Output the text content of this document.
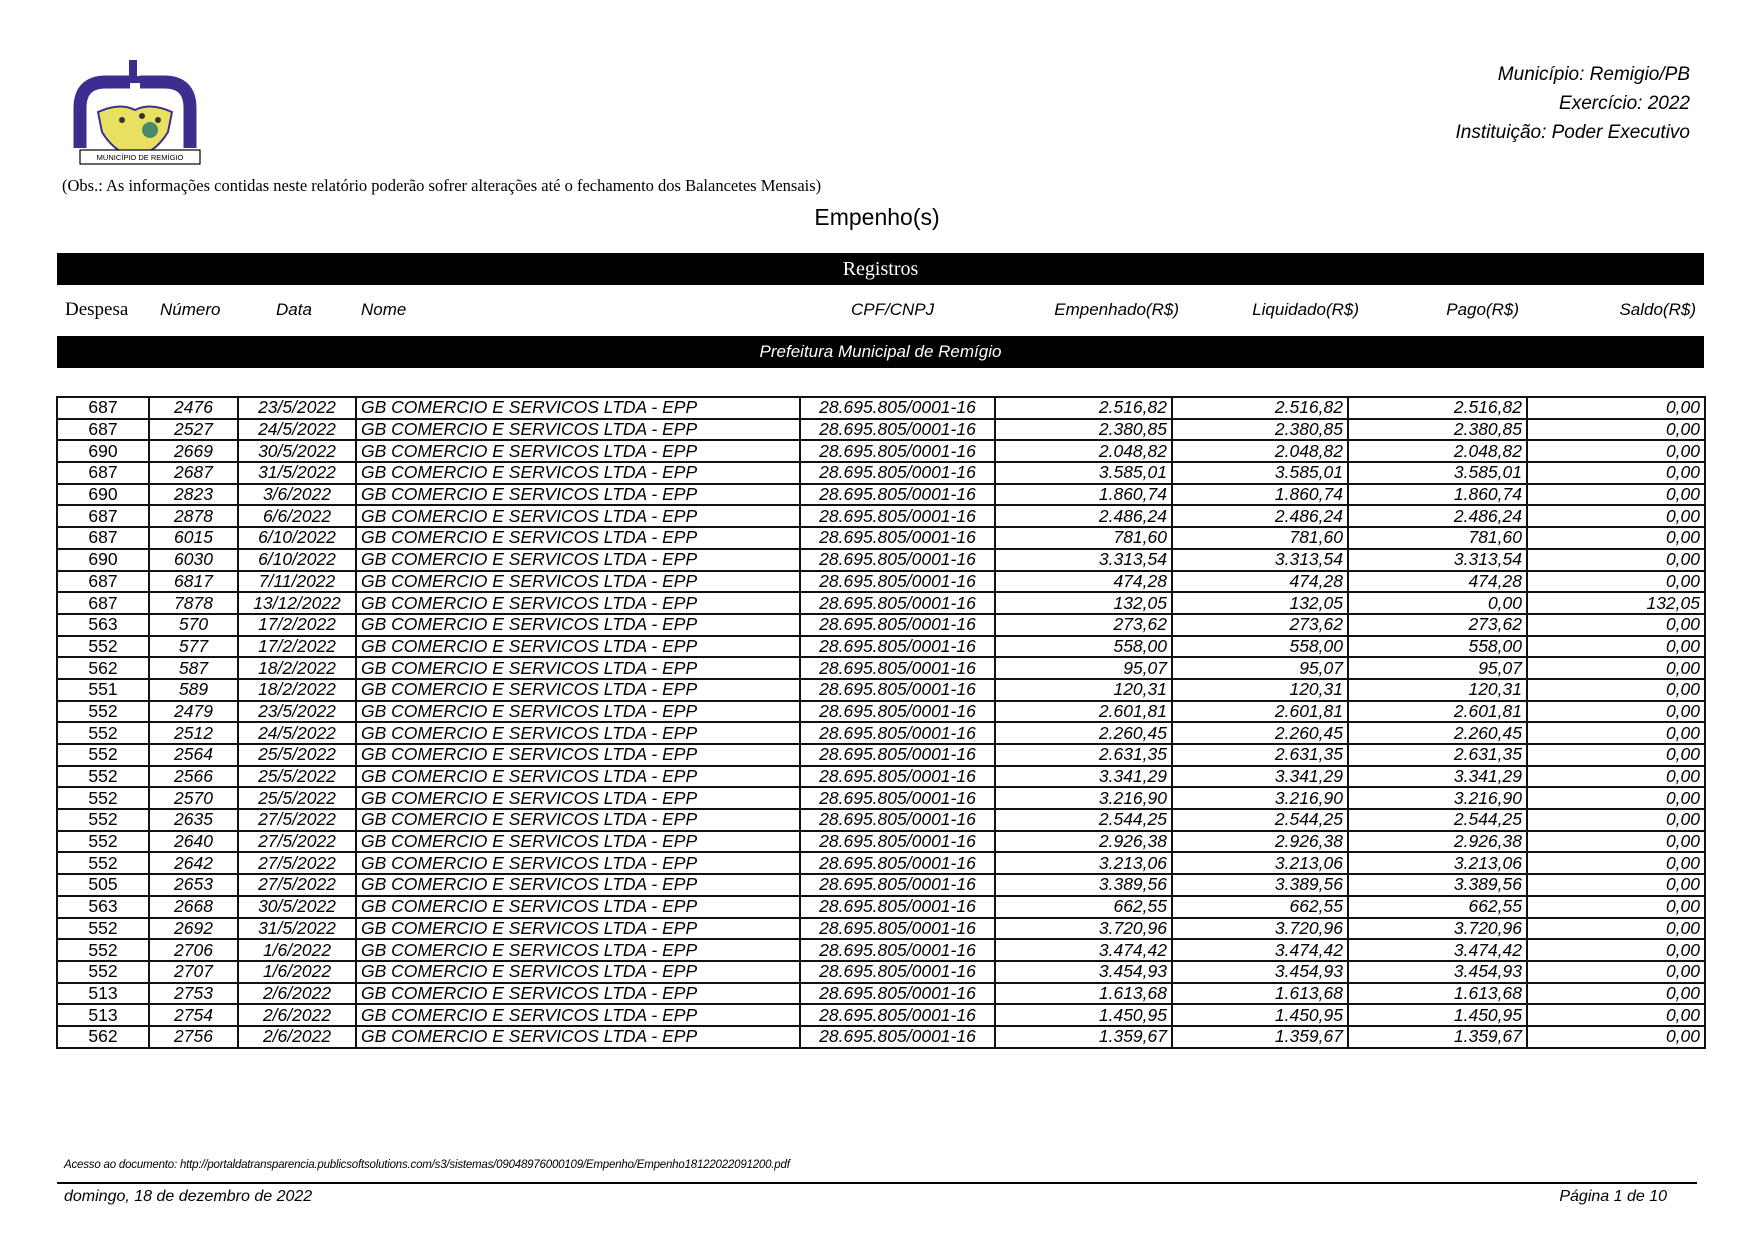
MUNICÍPIO DE REMÍGIO
Município: Remigio/PB
Exercício: 2022
Instituição: Poder Executivo
(Obs.: As informações contidas neste relatório poderão sofrer alterações até o fechamento dos Balancetes Mensais)
Empenho(s)
Registros
Despesa Número	Data	Nome	CPF/CNPJ	Empenhado(R$)	Liquidado(R$)	Pago(R$)	Saldo(R$)
Prefeitura Municipal de Remígio
687	2476	23/5/2022	GB COMERCIO E SERVICOS LTDA - EPP	28.695.805/0001-16	2.516,82	2.516,82	2.516,82	0,00
687	2527	24/5/2022	GB COMERCIO E SERVICOS LTDA - EPP	28.695.805/0001-16	2.380,85	2.380,85	2.380,85	0,00
690	2669	30/5/2022	GB COMERCIO E SERVICOS LTDA - EPP	28.695.805/0001-16	2.048,82	2.048,82	2.048,82	0,00
687	2687	31/5/2022	GB COMERCIO E SERVICOS LTDA - EPP	28.695.805/0001-16	3.585,01	3.585,01	3.585,01	0,00
690	2823	3/6/2022	GB COMERCIO E SERVICOS LTDA - EPP	28.695.805/0001-16	1.860,74	1.860,74	1.860,74	0,00
687	2878	6/6/2022	GB COMERCIO E SERVICOS LTDA - EPP	28.695.805/0001-16	2.486,24	2.486,24	2.486,24	0,00
687	6015	6/10/2022	GB COMERCIO E SERVICOS LTDA - EPP	28.695.805/0001-16	781,60	781,60	781,60	0,00
690	6030	6/10/2022	GB COMERCIO E SERVICOS LTDA - EPP	28.695.805/0001-16	3.313,54	3.313,54	3.313,54	0,00
687	6817	7/11/2022	GB COMERCIO E SERVICOS LTDA - EPP	28.695.805/0001-16	474,28	474,28	474,28	0,00
687	7878	13/12/2022	GB COMERCIO E SERVICOS LTDA - EPP	28.695.805/0001-16	132,05	132,05	0,00	132,05
563	570	17/2/2022	GB COMERCIO E SERVICOS LTDA - EPP	28.695.805/0001-16	273,62	273,62	273,62	0,00
552	577	17/2/2022	GB COMERCIO E SERVICOS LTDA - EPP	28.695.805/0001-16	558,00	558,00	558,00	0,00
562	587	18/2/2022	GB COMERCIO E SERVICOS LTDA - EPP	28.695.805/0001-16	95,07	95,07	95,07	0,00
551	589	18/2/2022	GB COMERCIO E SERVICOS LTDA - EPP	28.695.805/0001-16	120,31	120,31	120,31	0,00
552	2479	23/5/2022	GB COMERCIO E SERVICOS LTDA - EPP	28.695.805/0001-16	2.601,81	2.601,81	2.601,81	0,00
552	2512	24/5/2022	GB COMERCIO E SERVICOS LTDA - EPP	28.695.805/0001-16	2.260,45	2.260,45	2.260,45	0,00
552	2564	25/5/2022	GB COMERCIO E SERVICOS LTDA - EPP	28.695.805/0001-16	2.631,35	2.631,35	2.631,35	0,00
552	2566	25/5/2022	GB COMERCIO E SERVICOS LTDA - EPP	28.695.805/0001-16	3.341,29	3.341,29	3.341,29	0,00
552	2570	25/5/2022	GB COMERCIO E SERVICOS LTDA - EPP	28.695.805/0001-16	3.216,90	3.216,90	3.216,90	0,00
552	2635	27/5/2022	GB COMERCIO E SERVICOS LTDA - EPP	28.695.805/0001-16	2.544,25	2.544,25	2.544,25	0,00
552	2640	27/5/2022	GB COMERCIO E SERVICOS LTDA - EPP	28.695.805/0001-16	2.926,38	2.926,38	2.926,38	0,00
552	2642	27/5/2022	GB COMERCIO E SERVICOS LTDA - EPP	28.695.805/0001-16	3.213,06	3.213,06	3.213,06	0,00
505	2653	27/5/2022	GB COMERCIO E SERVICOS LTDA - EPP	28.695.805/0001-16	3.389,56	3.389,56	3.389,56	0,00
563	2668	30/5/2022	GB COMERCIO E SERVICOS LTDA - EPP	28.695.805/0001-16	662,55	662,55	662,55	0,00
552	2692	31/5/2022	GB COMERCIO E SERVICOS LTDA - EPP	28.695.805/0001-16	3.720,96	3.720,96	3.720,96	0,00
552	2706	1/6/2022	GB COMERCIO E SERVICOS LTDA - EPP	28.695.805/0001-16	3.474,42	3.474,42	3.474,42	0,00
552	2707	1/6/2022	GB COMERCIO E SERVICOS LTDA - EPP	28.695.805/0001-16	3.454,93	3.454,93	3.454,93	0,00
513	2753	2/6/2022	GB COMERCIO E SERVICOS LTDA - EPP	28.695.805/0001-16	1.613,68	1.613,68	1.613,68	0,00
513	2754	2/6/2022	GB COMERCIO E SERVICOS LTDA - EPP	28.695.805/0001-16	1.450,95	1.450,95	1.450,95	0,00
562	2756	2/6/2022	GB COMERCIO E SERVICOS LTDA - EPP	28.695.805/0001-16	1.359,67	1.359,67	1.359,67	0,00
Acesso ao documento: http://portaldatransparencia.publicsoftsolutions.com/s3/sistemas/09048976000109/Empenho/Empenho18122022091200.pdf
domingo, 18 de dezembro de 2022	Página 1 de 10
